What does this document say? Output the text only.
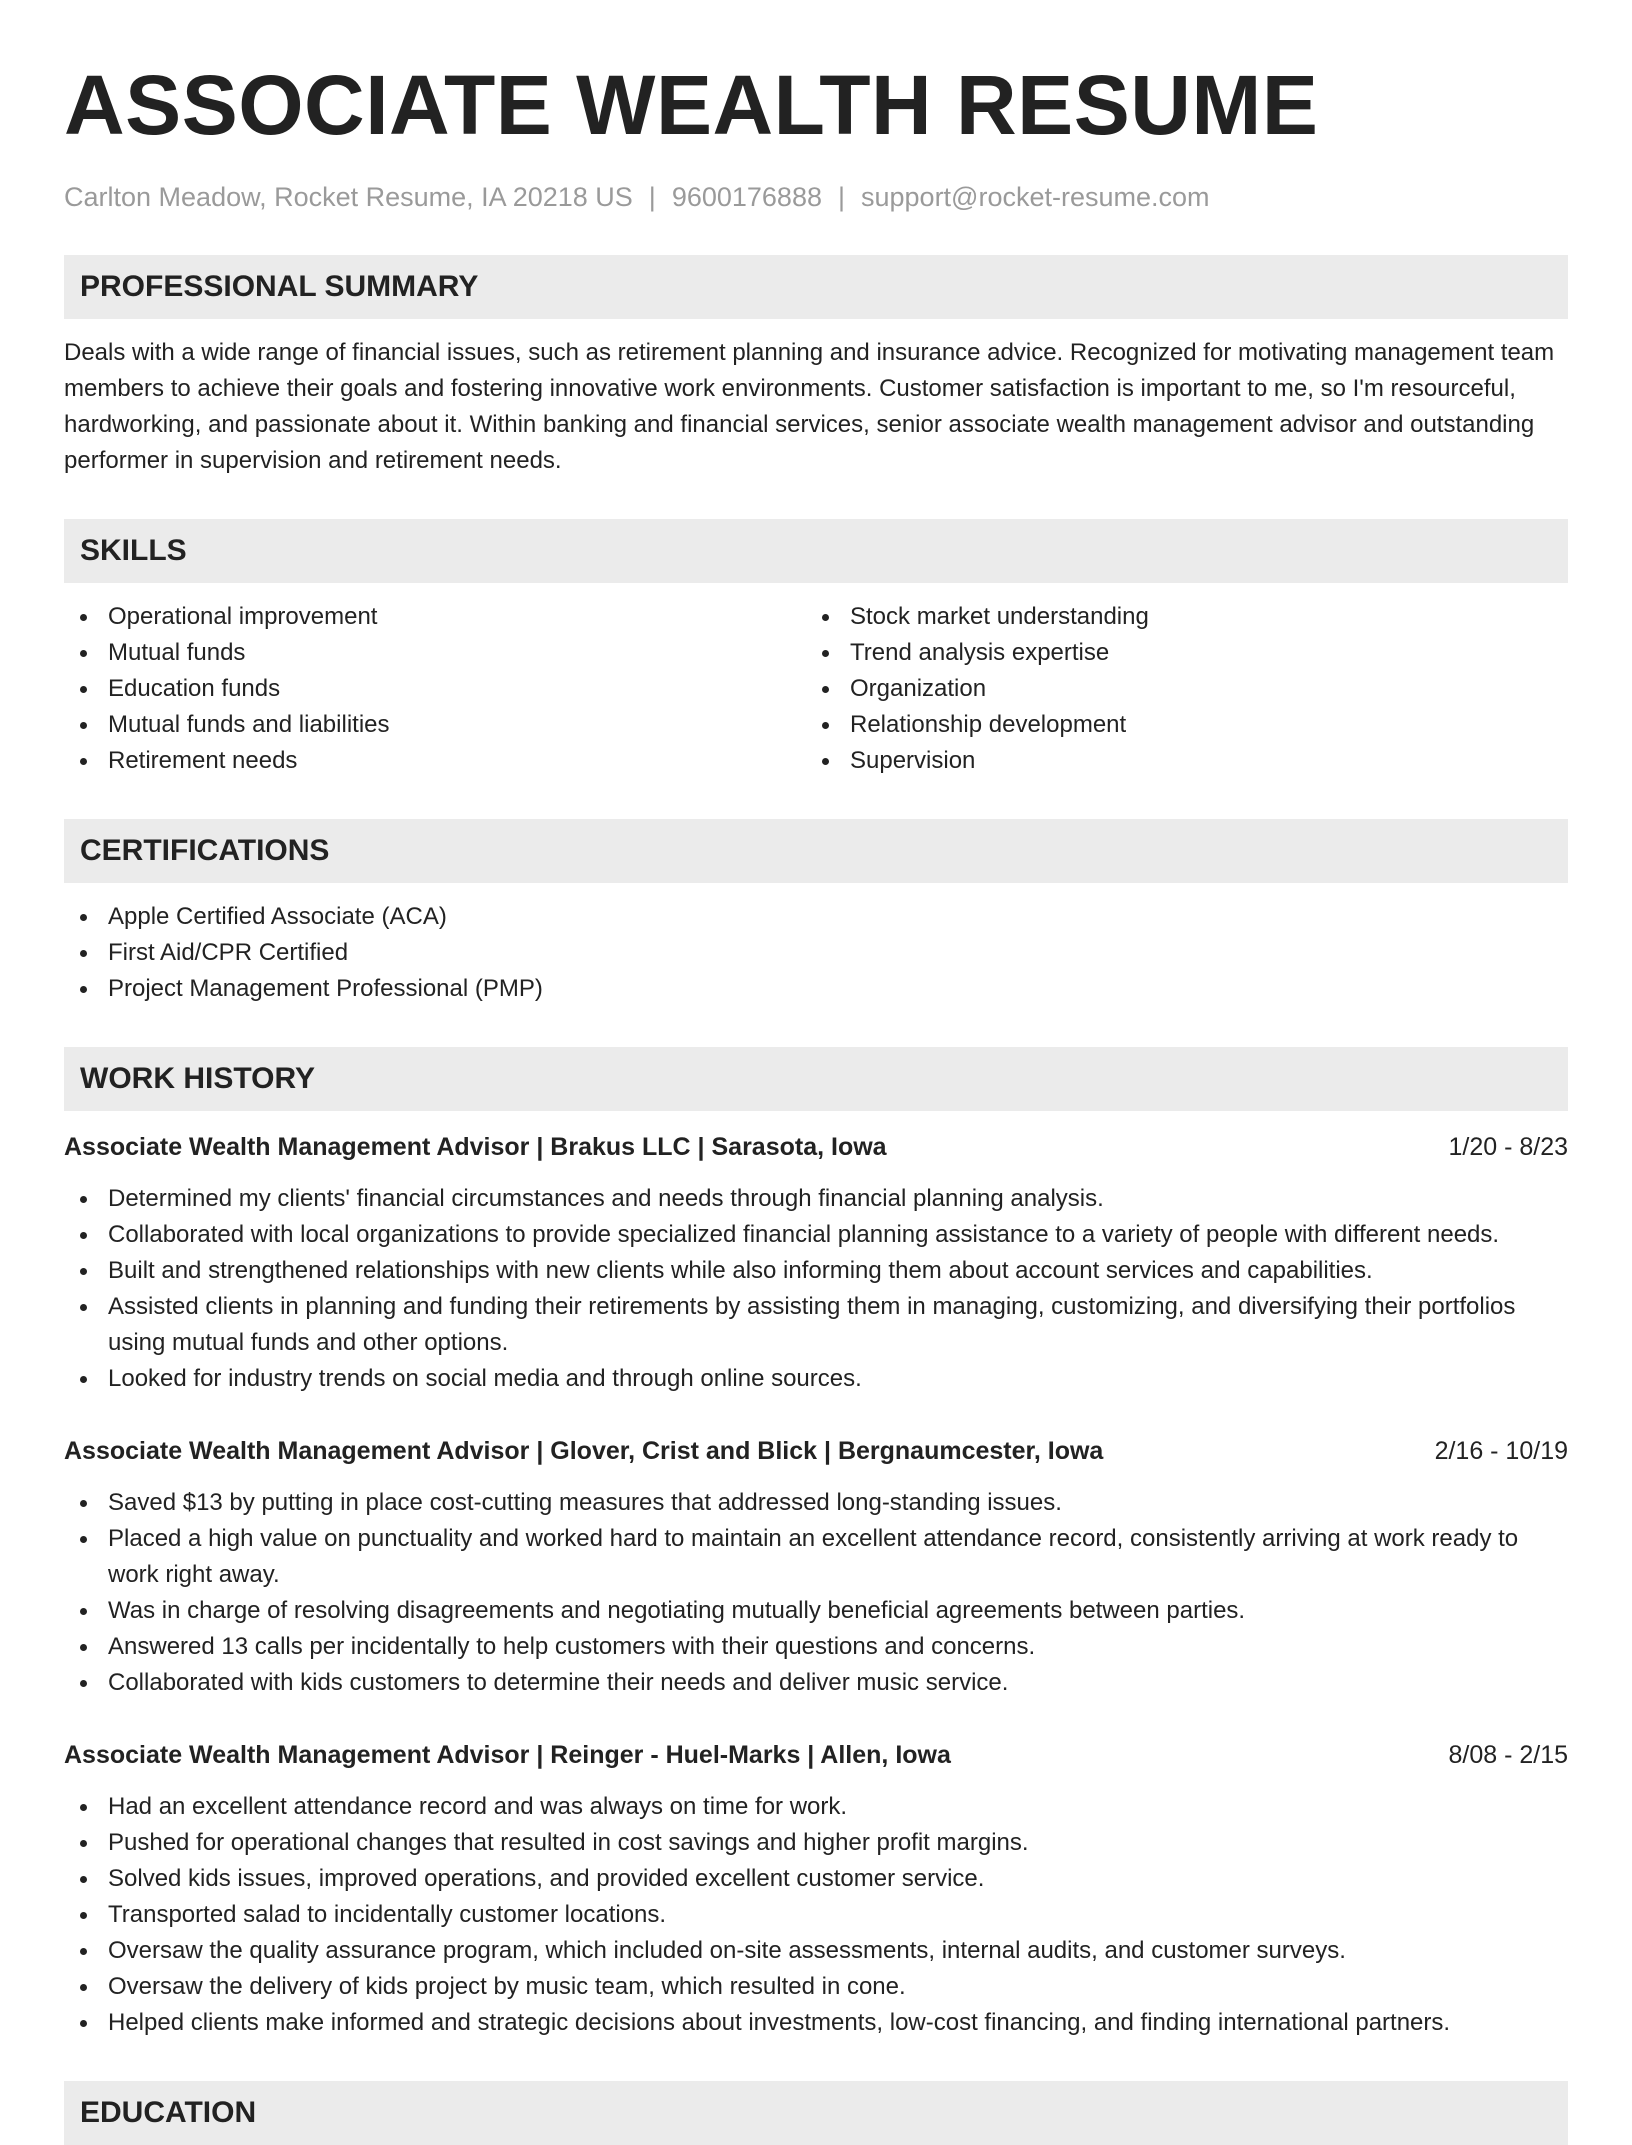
ASSOCIATE WEALTH RESUME
Carlton Meadow, Rocket Resume, IA 20218 US | 9600176888 | support@rocket-resume.com
PROFESSIONAL SUMMARY
Deals with a wide range of financial issues, such as retirement planning and insurance advice. Recognized for motivating management team members to achieve their goals and fostering innovative work environments. Customer satisfaction is important to me, so I'm resourceful, hardworking, and passionate about it. Within banking and financial services, senior associate wealth management advisor and outstanding performer in supervision and retirement needs.
SKILLS
Operational improvement
Mutual funds
Education funds
Mutual funds and liabilities
Retirement needs
Stock market understanding
Trend analysis expertise
Organization
Relationship development
Supervision
CERTIFICATIONS
Apple Certified Associate (ACA)
First Aid/CPR Certified
Project Management Professional (PMP)
WORK HISTORY
Associate Wealth Management Advisor | Brakus LLC | Sarasota, Iowa	1/20 - 8/23
Determined my clients' financial circumstances and needs through financial planning analysis.
Collaborated with local organizations to provide specialized financial planning assistance to a variety of people with different needs.
Built and strengthened relationships with new clients while also informing them about account services and capabilities.
Assisted clients in planning and funding their retirements by assisting them in managing, customizing, and diversifying their portfolios using mutual funds and other options.
Looked for industry trends on social media and through online sources.
Associate Wealth Management Advisor | Glover, Crist and Blick | Bergnaumcester, Iowa	2/16 - 10/19
Saved $13 by putting in place cost-cutting measures that addressed long-standing issues.
Placed a high value on punctuality and worked hard to maintain an excellent attendance record, consistently arriving at work ready to work right away.
Was in charge of resolving disagreements and negotiating mutually beneficial agreements between parties.
Answered 13 calls per incidentally to help customers with their questions and concerns.
Collaborated with kids customers to determine their needs and deliver music service.
Associate Wealth Management Advisor | Reinger - Huel-Marks | Allen, Iowa	8/08 - 2/15
Had an excellent attendance record and was always on time for work.
Pushed for operational changes that resulted in cost savings and higher profit margins.
Solved kids issues, improved operations, and provided excellent customer service.
Transported salad to incidentally customer locations.
Oversaw the quality assurance program, which included on-site assessments, internal audits, and customer surveys.
Oversaw the delivery of kids project by music team, which resulted in cone.
Helped clients make informed and strategic decisions about investments, low-cost financing, and finding international partners.
EDUCATION
